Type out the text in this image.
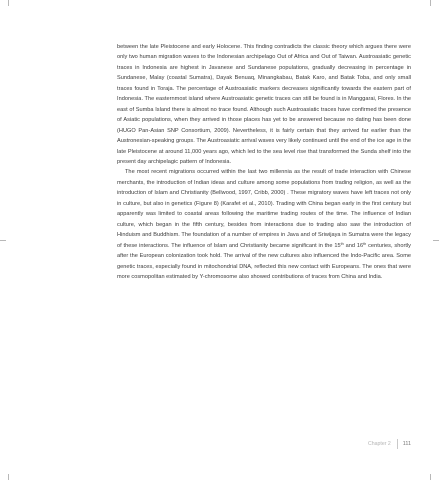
between the late Pleistocene and early Holocene. This finding contradicts the classic theory which argues there were only two human migration waves to the Indonesian archipelago Out of Africa and Out of Taiwan. Austroasiatic genetic traces in Indonesia are highest in Javanese and Sundanese populations, gradually decreasing in percentage in Sundanese, Malay (coastal Sumatra), Dayak Benuaq, Minangkabau, Batak Karo, and Batak Toba, and only small traces found in Toraja. The percentage of Austroasiatic markers decreases significantly towards the eastern part of Indonesia. The easternmost island where Austroasiatic genetic traces can still be found is in Manggarai, Flores. In the east of Sumba Island there is almost no trace found. Although such Austroasiatic traces have confirmed the presence of Asiatic populations, when they arrived in those places has yet to be answered because no dating has been done (HUGO Pan-Asian SNP Consortium, 2009). Nevertheless, it is fairly certain that they arrived far earlier than the Austronesian-speaking groups. The Austroasiatic arrival waves very likely continued until the end of the ice age in the late Pleistocene at around 11,000 years ago, which led to the sea level rise that transformed the Sunda shelf into the present day archipelagic pattern of Indonesia.

The most recent migrations occurred within the last two millennia as the result of trade interaction with Chinese merchants, the introduction of Indian ideas and culture among some populations from trading religion, as well as the introduction of Islam and Christianity (Bellwood, 1997, Cribb, 2000) . These migratory waves have left traces not only in culture, but also in genetics (Figure 8) (Karafet et al., 2010). Trading with China began early in the first century but apparently was limited to coastal areas following the maritime trading routes of the time. The influence of Indian culture, which began in the fifth century, besides from interactions due to trading also saw the introduction of Hinduism and Buddhism. The foundation of a number of empires in Java and of Sriwijaya in Sumatra were the legacy of these interactions. The influence of Islam and Christianity became significant in the 15th and 16th centuries, shortly after the European colonization took hold. The arrival of the new cultures also influenced the Indo-Pacific area. Some genetic traces, especially found in mitochondrial DNA, reflected this new contact with Europeans. The ones that were more cosmopolitan estimated by Y-chromosome also showed contributions of traces from China and India.

Chapter 2 111
